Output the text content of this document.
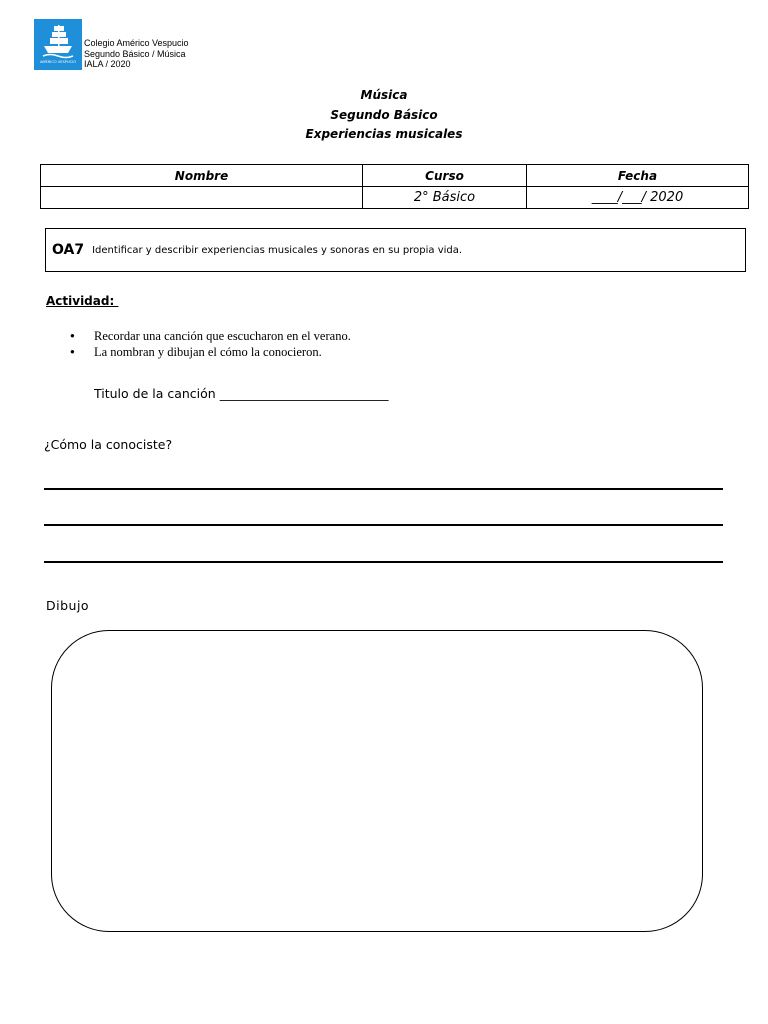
AMÉRICO VESPUCIO
Colegio Américo Vespucio
Segundo Básico / Música
IALA / 2020
Música
Segundo Básico
Experiencias musicales
Nombre	Curso	Fecha
	2° Básico	____/___/ 2020
OA7 Identificar y describir experiencias musicales y sonoras en su propia vida.
Actividad:
● Recordar una canción que escucharon en el verano.
● La nombran y dibujan el cómo la conocieron.
Titulo de la canción ___________________________
¿Cómo la conociste?
Dibujo
